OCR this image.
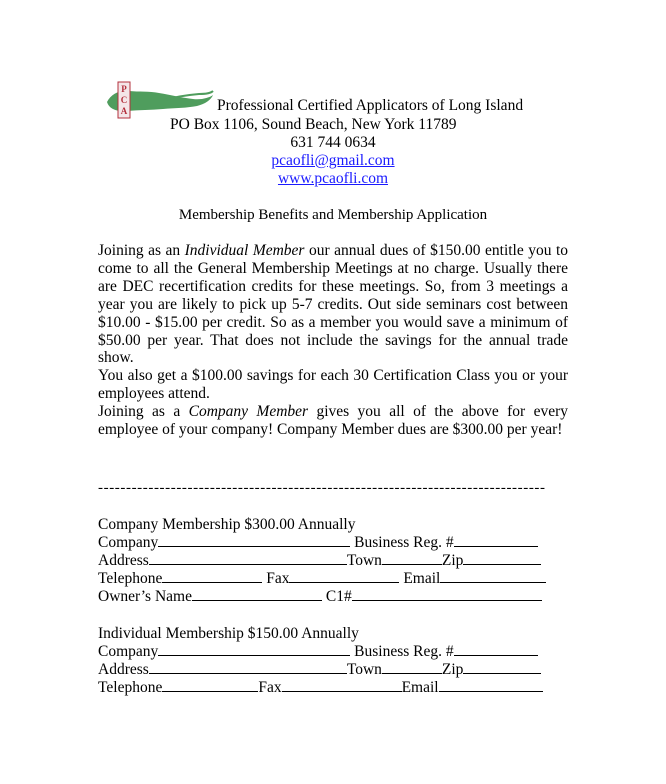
P
C
A	Professional Certified Applicators of Long Island
PO Box 1106, Sound Beach, New York 11789
631 744 0634
pcaofli@gmail.com
www.pcaofli.com
Membership Benefits and Membership Application

Joining as an Individual Member our annual dues of $150.00 entitle you to come to all the General Membership Meetings at no charge. Usually there are DEC recertification credits for these meetings. So, from 3 meetings a year you are likely to pick up 5-7 credits. Out side seminars cost between $10.00 - $15.00 per credit. So as a member you would save a minimum of $50.00 per year. That does not include the savings for the annual trade show.

You also get a $100.00 savings for each 30 Certification Class you or your employees attend.

Joining as a Company Member gives you all of the above for every employee of your company! Company Member dues are $300.00 per year!

--------------------------------------------------------------------------------
Company Membership $300.00 Annually
Company	Business Reg. #
Address	Town	Zip
Telephone	Fax	Email
Owner’s Name	C1#
Individual Membership $150.00 Annually
Company	Business Reg. #
Address	Town	Zip
Telephone	Fax	Email
